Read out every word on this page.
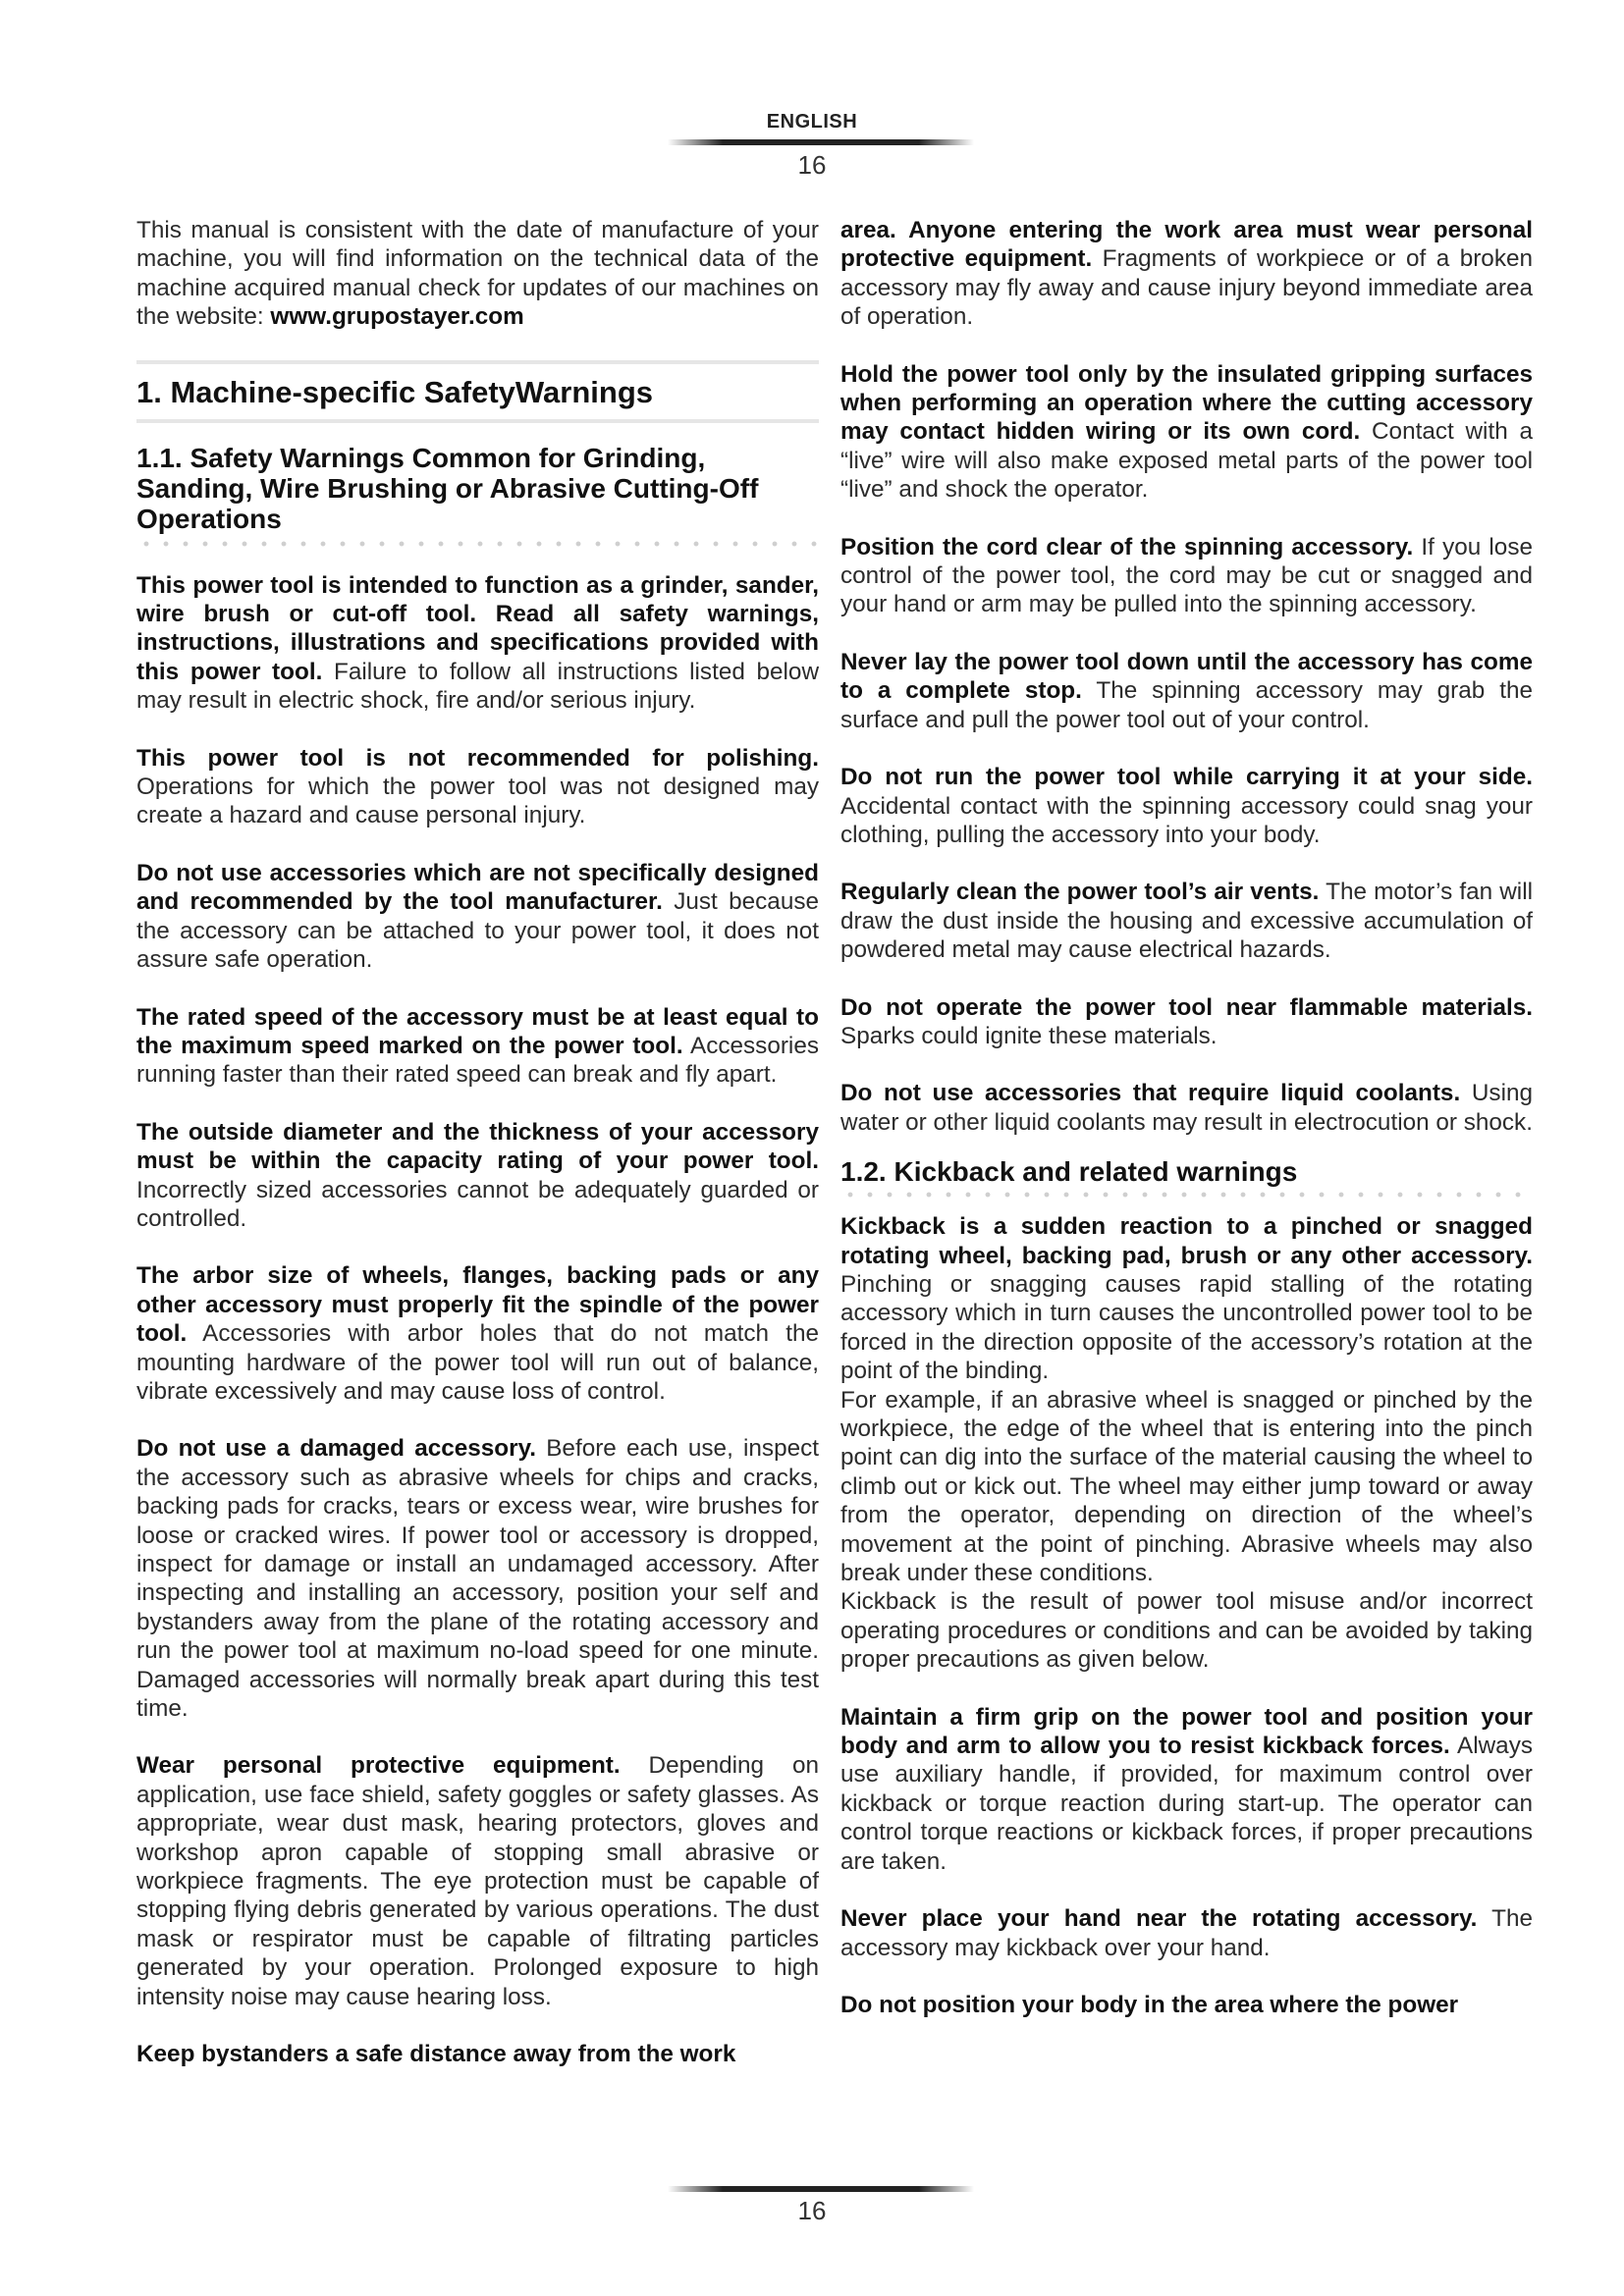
ENGLISH
16

This manual is consistent with the date of manufacture of your machine, you will find information on the technical data of the machine acquired manual check for updates of our machines on the website: www.grupostayer.com

1. Machine-specific SafetyWarnings
1.1. Safety Warnings Common for Grinding, Sanding, Wire Brushing or Abrasive Cutting-Off Operations

This power tool is intended to function as a grinder, sander, wire brush or cut-off tool. Read all safety warnings, instructions, illustrations and specifications provided with this power tool. Failure to follow all instructions listed below may result in electric shock, fire and/or serious injury.

This power tool is not recommended for polishing. Operations for which the power tool was not designed may create a hazard and cause personal injury.

Do not use accessories which are not specifically designed and recommended by the tool manufacturer. Just because the accessory can be attached to your power tool, it does not assure safe operation.

The rated speed of the accessory must be at least equal to the maximum speed marked on the power tool. Accessories running faster than their rated speed can break and fly apart.

The outside diameter and the thickness of your accessory must be within the capacity rating of your power tool. Incorrectly sized accessories cannot be adequately guarded or controlled.

The arbor size of wheels, flanges, backing pads or any other accessory must properly fit the spindle of the power tool. Accessories with arbor holes that do not match the mounting hardware of the power tool will run out of balance, vibrate excessively and may cause loss of control.

Do not use a damaged accessory. Before each use, inspect the accessory such as abrasive wheels for chips and cracks, backing pads for cracks, tears or excess wear, wire brushes for loose or cracked wires. If power tool or accessory is dropped, inspect for damage or install an undamaged accessory. After inspecting and installing an accessory, position your self and bystanders away from the plane of the rotating accessory and run the power tool at maximum no-load speed for one minute. Damaged accessories will normally break apart during this test time.

Wear personal protective equipment. Depending on application, use face shield, safety goggles or safety glasses. As appropriate, wear dust mask, hearing protectors, gloves and workshop apron capable of stopping small abrasive or workpiece fragments. The eye protection must be capable of stopping flying debris generated by various operations. The dust mask or respirator must be capable of filtrating particles generated by your operation. Prolonged exposure to high intensity noise may cause hearing loss.

Keep bystanders a safe distance away from the work

area. Anyone entering the work area must wear personal protective equipment. Fragments of workpiece or of a broken accessory may fly away and cause injury beyond immediate area of operation.

Hold the power tool only by the insulated gripping surfaces when performing an operation where the cutting accessory may contact hidden wiring or its own cord. Contact with a “live” wire will also make exposed metal parts of the power tool “live” and shock the operator.

Position the cord clear of the spinning accessory. If you lose control of the power tool, the cord may be cut or snagged and your hand or arm may be pulled into the spinning accessory.

Never lay the power tool down until the accessory has come to a complete stop. The spinning accessory may grab the surface and pull the power tool out of your control.

Do not run the power tool while carrying it at your side. Accidental contact with the spinning accessory could snag your clothing, pulling the accessory into your body.

Regularly clean the power tool’s air vents. The motor’s fan will draw the dust inside the housing and excessive accumulation of powdered metal may cause electrical hazards.

Do not operate the power tool near flammable materials. Sparks could ignite these materials.

Do not use accessories that require liquid coolants. Using water or other liquid coolants may result in electrocution or shock.

1.2. Kickback and related warnings

Kickback is a sudden reaction to a pinched or snagged rotating wheel, backing pad, brush or any other accessory. Pinching or snagging causes rapid stalling of the rotating accessory which in turn causes the uncontrolled power tool to be forced in the direction opposite of the accessory’s rotation at the point of the binding.

For example, if an abrasive wheel is snagged or pinched by the workpiece, the edge of the wheel that is entering into the pinch point can dig into the surface of the material causing the wheel to climb out or kick out. The wheel may either jump toward or away from the operator, depending on direction of the wheel’s movement at the point of pinching. Abrasive wheels may also break under these conditions.

Kickback is the result of power tool misuse and/or incorrect operating procedures or conditions and can be avoided by taking proper precautions as given below.

Maintain a firm grip on the power tool and position your body and arm to allow you to resist kickback forces. Always use auxiliary handle, if provided, for maximum control over kickback or torque reaction during start-up. The operator can control torque reactions or kickback forces, if proper precautions are taken.

Never place your hand near the rotating accessory. The accessory may kickback over your hand.

Do not position your body in the area where the power

16
